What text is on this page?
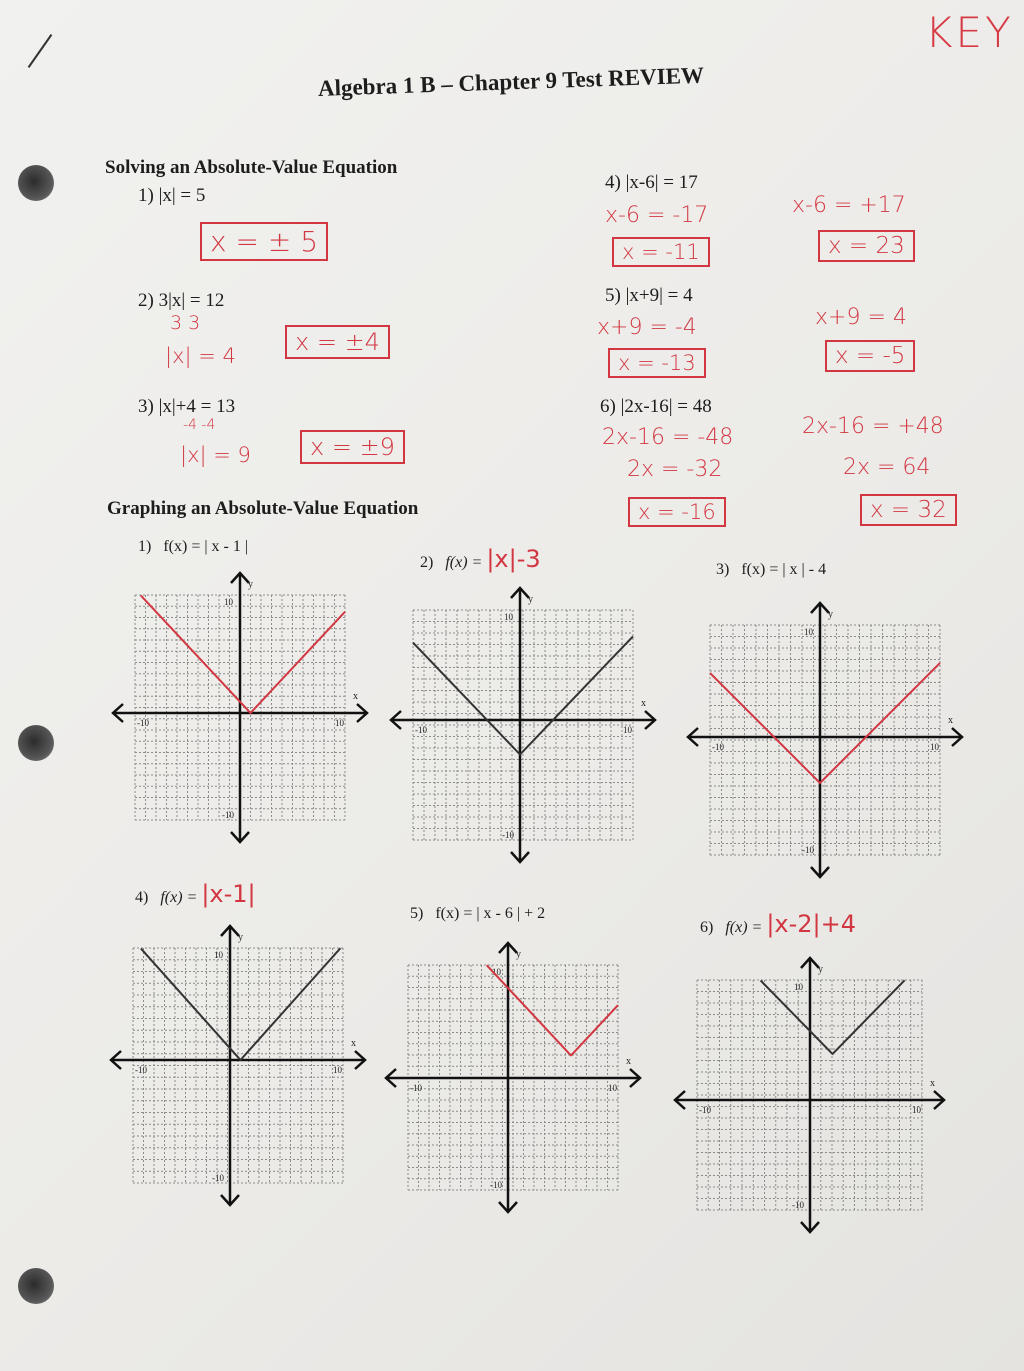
KEY
Algebra 1 B – Chapter 9 Test REVIEW
Solving an Absolute-Value Equation
1) |x| = 5
x = ± 5
2) 3|x| = 12
3 3
|x| = 4	x = ±4
3) |x|+4 = 13
-4 -4
|x| = 9	x = ±9
4) |x-6| = 17
x-6 = -17
x = -11
x-6 = +17
x = 23
5) |x+9| = 4
x+9 = -4
x = -13
x+9 = 4
x = -5
6) |2x-16| = 48
2x-16 = -48
2x = -32
x = -16
2x-16 = +48
2x = 64
x = 32
Graphing an Absolute-Value Equation
1) f(x) = | x - 1 |
2) f(x) = |x|-3	3) f(x) = | x | - 4
4) f(x) = |x-1|
5) f(x) = | x - 6 | + 2
6) f(x) = |x-2|+4
x
y
10
-10
10
-10
x
y
10
-10
10
-10
x
y
10
-10
10
-10
x
y
10
-10
10
-10
x
y
10
-10
10
-10
x
y
10
-10
10
-10
